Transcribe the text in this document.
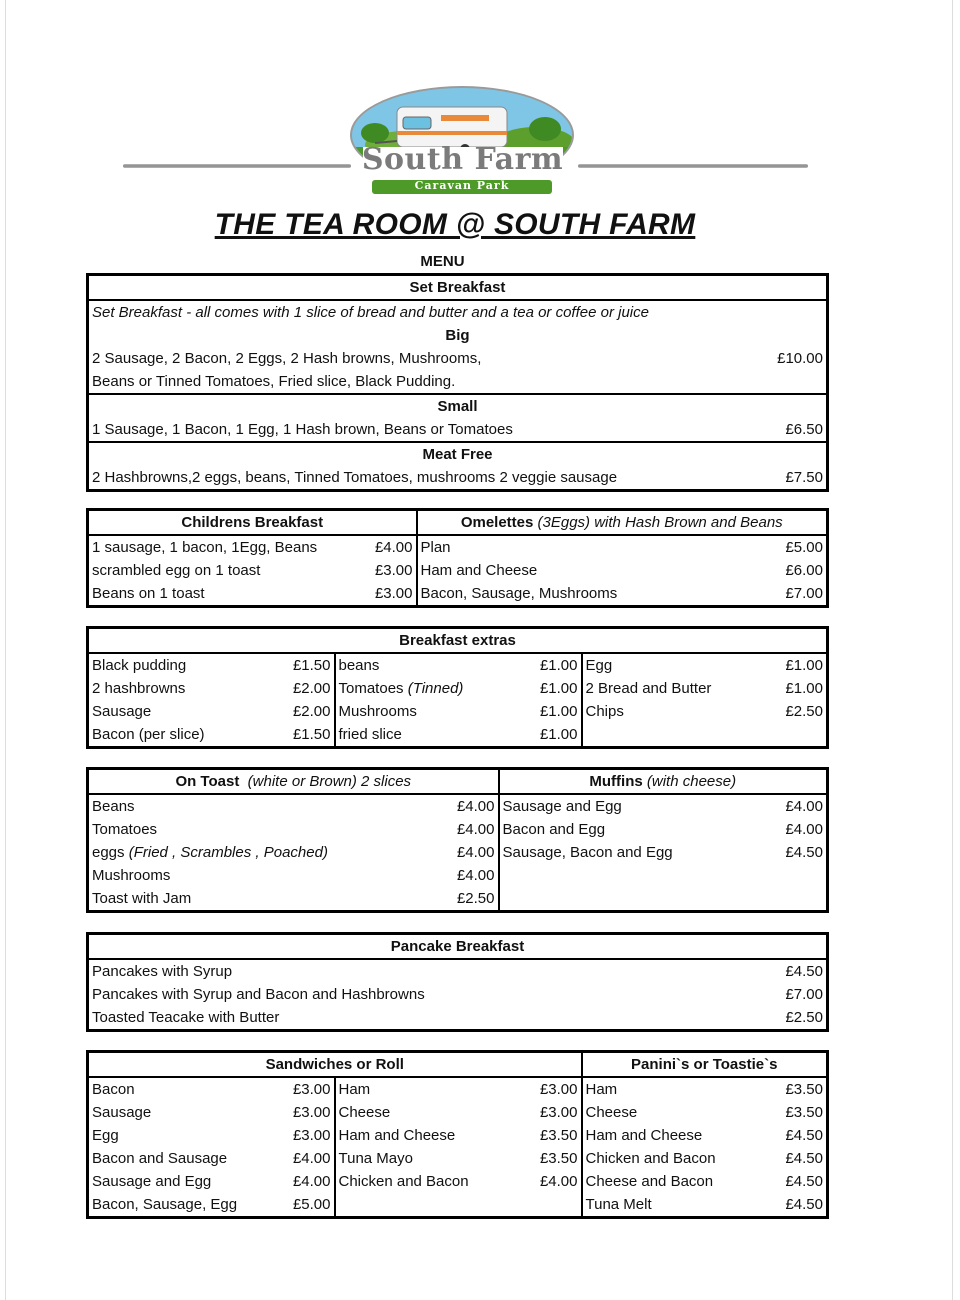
South Farm
Caravan Park
THE TEA ROOM @ SOUTH FARM
MENU
Set Breakfast	
Set Breakfast - all comes with 1 slice of bread and butter and a tea or coffee or juice	
Big	
2 Sausage, 2 Bacon, 2 Eggs, 2 Hash browns, Mushrooms,	£10.00
Beans or Tinned Tomatoes, Fried slice, Black Pudding.	
Small	
1 Sausage, 1 Bacon, 1 Egg, 1 Hash brown, Beans or Tomatoes	£6.50
Meat Free	
2 Hashbrowns,2 eggs, beans, Tinned Tomatoes, mushrooms 2 veggie sausage	£7.50
Childrens Breakfast		Omelettes (3Eggs) with Hash Brown and Beans	
1 sausage, 1 bacon, 1Egg, Beans	£4.00	Plan	£5.00
scrambled egg on 1 toast	£3.00	Ham and Cheese	£6.00
Beans on 1 toast	£3.00	Bacon, Sausage, Mushrooms	£7.00
Breakfast extras					
Black pudding	£1.50	beans	£1.00	Egg	£1.00
2 hashbrowns	£2.00	Tomatoes (Tinned)	£1.00	2 Bread and Butter	£1.00
Sausage	£2.00	Mushrooms	£1.00	Chips	£2.50
Bacon (per slice)	£1.50	fried slice	£1.00		
On Toast (white or Brown) 2 slices		Muffins (with cheese)	
Beans	£4.00	Sausage and Egg	£4.00
Tomatoes	£4.00	Bacon and Egg	£4.00
eggs (Fried , Scrambles , Poached)	£4.00	Sausage, Bacon and Egg	£4.50
Mushrooms	£4.00		
Toast with Jam	£2.50		
Pancake Breakfast	
Pancakes with Syrup	£4.50
Pancakes with Syrup and Bacon and Hashbrowns	£7.00
Toasted Teacake with Butter	£2.50
Sandwiches or Roll				Panini`s or Toastie`s	
Bacon	£3.00	Ham	£3.00	Ham	£3.50
Sausage	£3.00	Cheese	£3.00	Cheese	£3.50
Egg	£3.00	Ham and Cheese	£3.50	Ham and Cheese	£4.50
Bacon and Sausage	£4.00	Tuna Mayo	£3.50	Chicken and Bacon	£4.50
Sausage and Egg	£4.00	Chicken and Bacon	£4.00	Cheese and Bacon	£4.50
Bacon, Sausage, Egg	£5.00			Tuna Melt	£4.50
